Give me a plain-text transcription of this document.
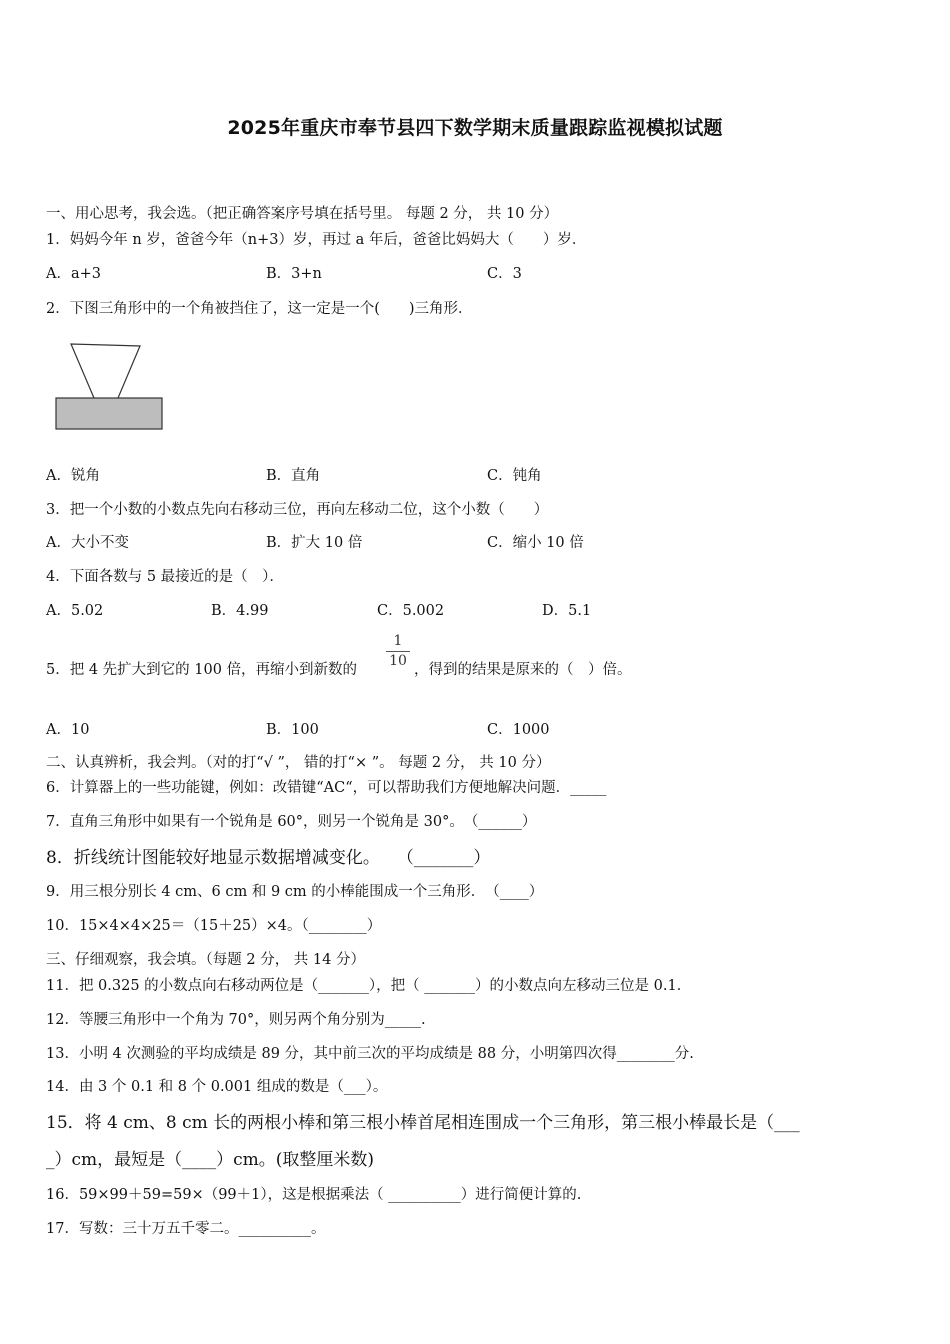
2025年重庆市奉节县四下数学期末质量跟踪监视模拟试题
一、用心思考，我会选。（把正确答案序号填在括号里。 每题 2 分， 共 10 分）
1．妈妈今年 n 岁，爸爸今年（n+3）岁，再过 a 年后，爸爸比妈妈大（　　）岁．
A．a+3	B．3+n	C．3
2．下图三角形中的一个角被挡住了，这一定是一个(　　)三角形．
A．锐角	B．直角	C．钝角
3．把一个小数的小数点先向右移动三位，再向左移动二位，这个小数（　　）
A．大小不变	B．扩大 10 倍	C．缩小 10 倍
4．下面各数与 5 最接近的是（　）．
A．5.02	B．4.99	C．5.002	D．5.1
5．把 4 先扩大到它的 100 倍，再缩小到新数的 $\frac{1}{10}$ ，得到的结果是原来的（　）倍。
A．10	B．100	C．1000
二、认真辨析，我会判。（对的打“√ ”， 错的打“× ”。 每题 2 分， 共 10 分）
6．计算器上的一些功能键，例如：改错键“AC“，可以帮助我们方便地解决问题．_____
7．直角三角形中如果有一个锐角是 60°，则另一个锐角是 30°。　（______）
8．折线统计图能较好地显示数据增减变化。　　（_______）
9．用三根分别长 4 cm、6 cm 和 9 cm 的小棒能围成一个三角形．　（____）
10．15×4×4×25＝（15＋25）×4。（________）
三、仔细观察，我会填。（每题 2 分， 共 14 分）
11．把 0.325 的小数点向右移动两位是（_______），把（ _______）的小数点向左移动三位是 0.1．
12．等腰三角形中一个角为 70°，则另两个角分别为_____.
13．小明 4 次测验的平均成绩是 89 分，其中前三次的平均成绩是 88 分，小明第四次得________分.
14．由 3 个 0.1 和 8 个 0.001 组成的数是（___）。
15．将 4 cm、8 cm 长的两根小棒和第三根小棒首尾相连围成一个三角形，第三根小棒最长是（___
_）cm，最短是（____）cm。(取整厘米数)
16．59×99＋59=59×（99＋1），这是根据乘法（ __________）进行简便计算的.
17．写数：三十万五千零二。__________。
